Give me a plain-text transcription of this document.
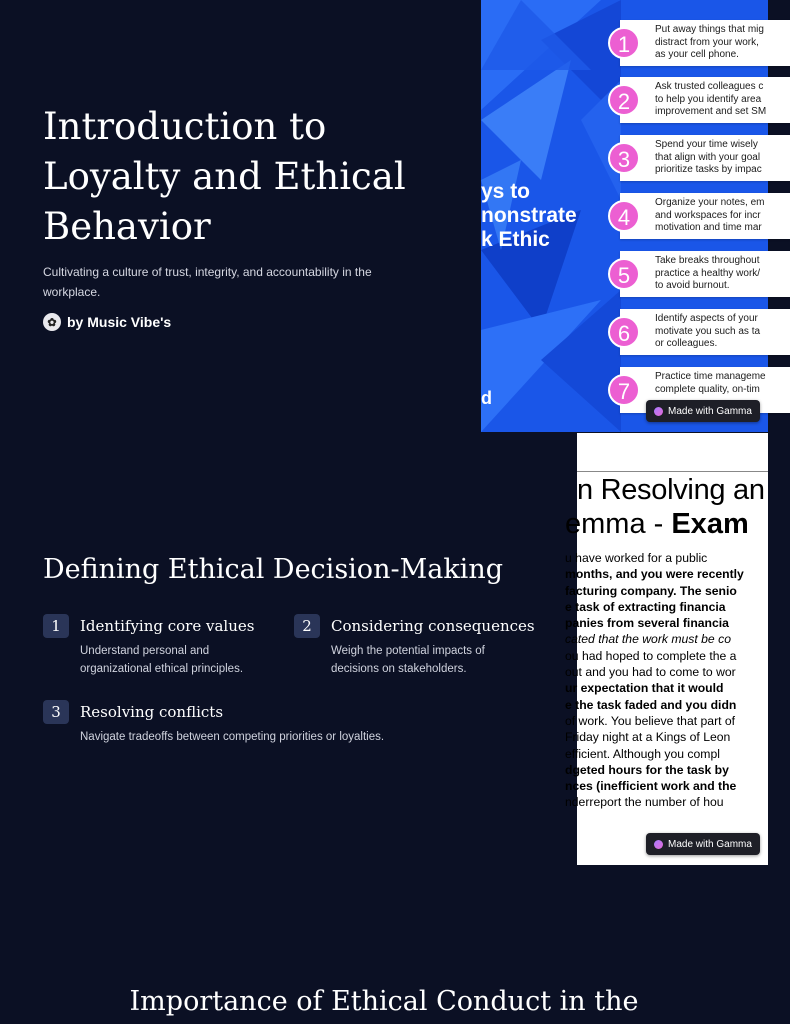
Introduction to Loyalty and Ethical Behavior

Cultivating a culture of trust, integrity, and accountability in the workplace.

✿ by Music Vibe's
ys to
nonstrate
k Ethic
d
1
Put away things that mig
distract from your work,
as your cell phone.
2
Ask trusted colleagues c
to help you identify area
improvement and set SM
3
Spend your time wisely
that align with your goal
prioritize tasks by impac
4
Organize your notes, em
and workspaces for incr
motivation and time mar
5
Take breaks throughout
practice a healthy work/
to avoid burnout.
6
Identify aspects of your
motivate you such as ta
or colleagues.
7
Practice time manageme
complete quality, on-tim
Made with Gamma
Defining Ethical Decision-Making
1	Identifying core values
Understand personal and organizational ethical principles.
2	Considering consequences
Weigh the potential impacts of decisions on stakeholders.
3	Resolving conflicts
Navigate tradeoffs between competing priorities or loyalties.
n Resolving an
emma - Exam
u have worked for a public
months, and you were recently
facturing company. The senio
e task of extracting financia
panies from several financia
cated that the work must be co
ou had hoped to complete the a
out and you had to come to wor
ur expectation that it would
e the task faded and you didn
of work. You believe that part of
Friday night at a Kings of Leon
efficient. Although you compl
dgeted hours for the task by
nces (inefficient work and the
nderreport the number of hou
Made with Gamma
Importance of Ethical Conduct in the
